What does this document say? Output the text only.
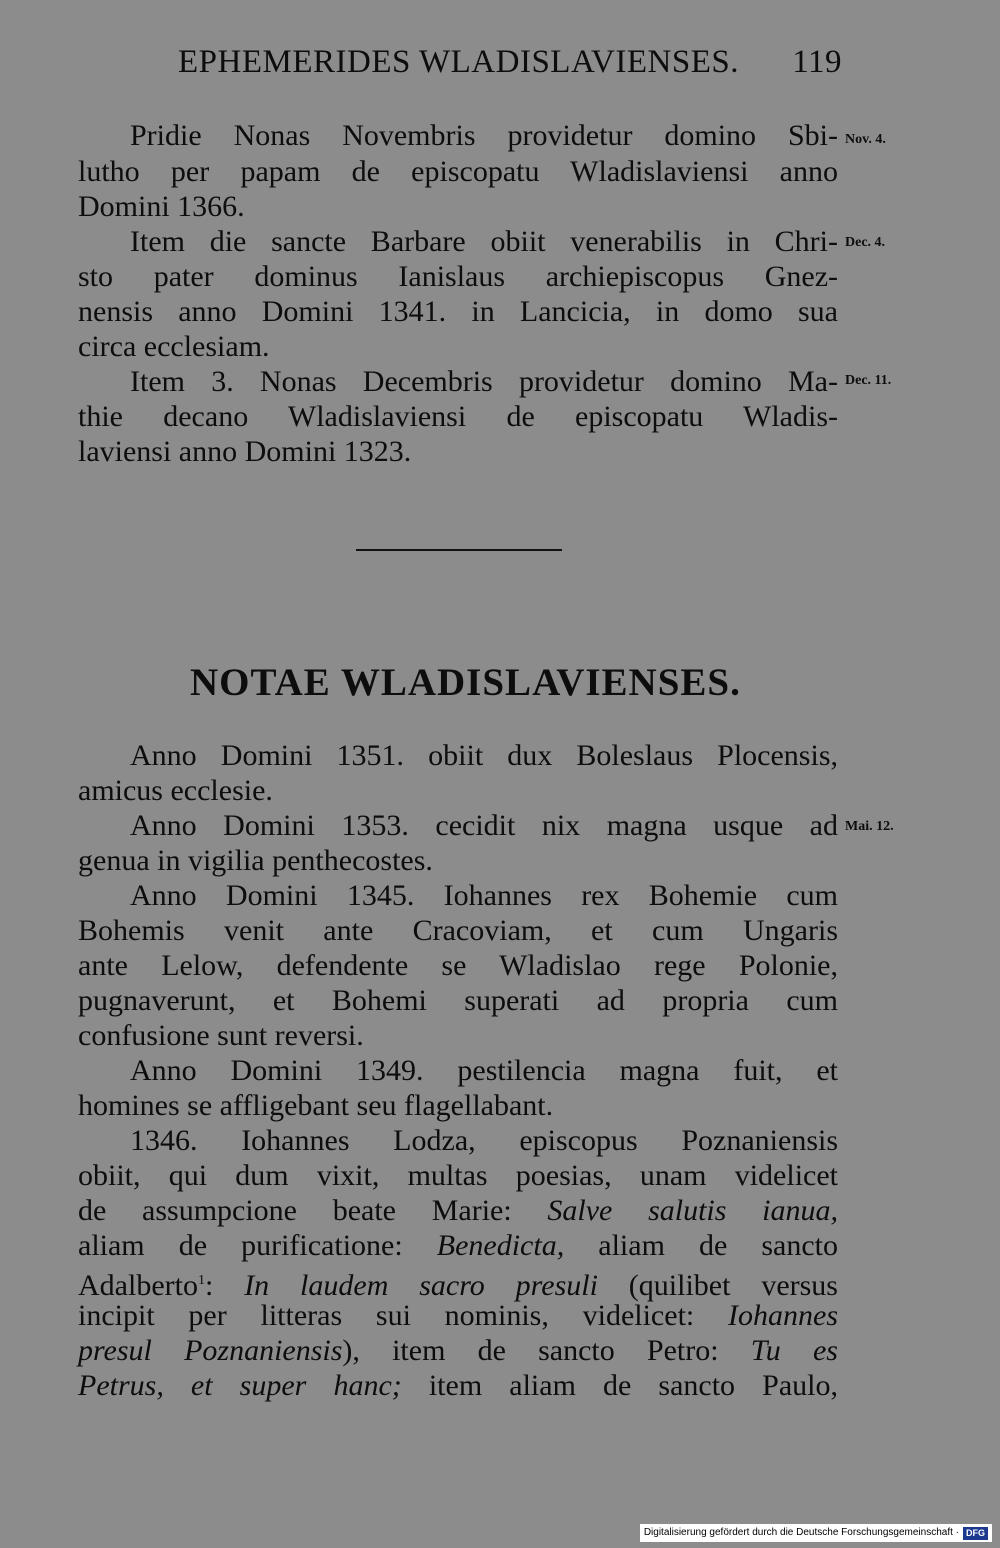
EPHEMERIDES WLADISLAVIENSES. 119
Pridie Nonas Novembris providetur domino Sbi-
lutho per papam de episcopatu Wladislaviensi anno
Domini 1366.
Item die sancte Barbare obiit venerabilis in Chri-
sto pater dominus Ianislaus archiepiscopus Gnez-
nensis anno Domini 1341. in Lancicia, in domo sua
circa ecclesiam.
Item 3. Nonas Decembris providetur domino Ma-
thie decano Wladislaviensi de episcopatu Wladis-
laviensi anno Domini 1323.
Nov. 4.
Dec. 4.
Dec. 11.
NOTAE WLADISLAVIENSES.
Anno Domini 1351. obiit dux Boleslaus Plocensis,
amicus ecclesie.
Anno Domini 1353. cecidit nix magna usque ad
genua in vigilia penthecostes.
Anno Domini 1345. Iohannes rex Bohemie cum
Bohemis venit ante Cracoviam, et cum Ungaris
ante Lelow, defendente se Wladislao rege Polonie,
pugnaverunt, et Bohemi superati ad propria cum
confusione sunt reversi.
Anno Domini 1349. pestilencia magna fuit, et
homines se affligebant seu flagellabant.
1346. Iohannes Lodza, episcopus Poznaniensis
obiit, qui dum vixit, multas poesias, unam videlicet
de assumpcione beate Marie: Salve salutis ianua,
aliam de purificatione: Benedicta, aliam de sancto
Adalberto$^1$: In laudem sacro presuli (quilibet versus
incipit per litteras sui nominis, videlicet: Iohannes
presul Poznaniensis), item de sancto Petro: Tu es
Petrus, et super hanc; item aliam de sancto Paulo,
Mai. 12.
Digitalisierung gefördert durch die Deutsche Forschungsgemeinschaft · DFG
